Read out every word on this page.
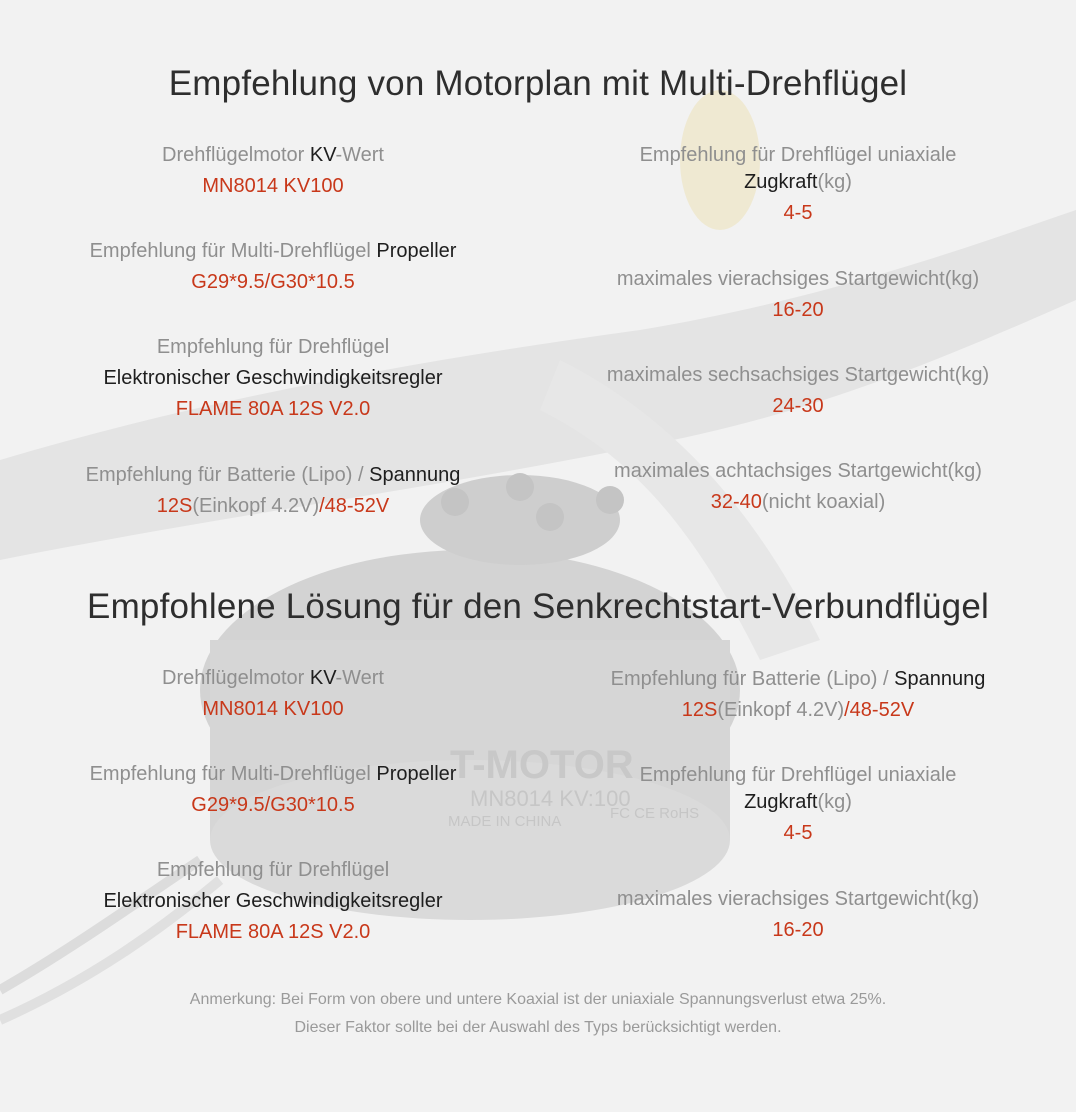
T-MOTOR
MN8014 KV:100
MADE IN CHINA	FC CE RoHS
Empfehlung von Motorplan mit Multi-Drehflügel
Drehflügelmotor KV-Wert
MN8014 KV100
Empfehlung für Multi-Drehflügel Propeller
G29*9.5/G30*10.5
Empfehlung für Drehflügel
Elektronischer Geschwindigkeitsregler
FLAME 80A 12S V2.0
Empfehlung für Batterie (Lipo) / Spannung
12S(Einkopf 4.2V)/48-52V
Empfehlung für Drehflügel uniaxiale
Zugkraft(kg)
4-5
maximales vierachsiges Startgewicht(kg)
16-20
maximales sechsachsiges Startgewicht(kg)
24-30
maximales achtachsiges Startgewicht(kg)
32-40(nicht koaxial)
Empfohlene Lösung für den Senkrechtstart-Verbundflügel
Drehflügelmotor KV-Wert
MN8014 KV100
Empfehlung für Multi-Drehflügel Propeller
G29*9.5/G30*10.5
Empfehlung für Drehflügel
Elektronischer Geschwindigkeitsregler
FLAME 80A 12S V2.0
Empfehlung für Batterie (Lipo) / Spannung
12S(Einkopf 4.2V)/48-52V
Empfehlung für Drehflügel uniaxiale
Zugkraft(kg)
4-5
maximales vierachsiges Startgewicht(kg)
16-20
Anmerkung: Bei Form von obere und untere Koaxial ist der uniaxiale Spannungsverlust etwa 25%.
Dieser Faktor sollte bei der Auswahl des Typs berücksichtigt werden.
